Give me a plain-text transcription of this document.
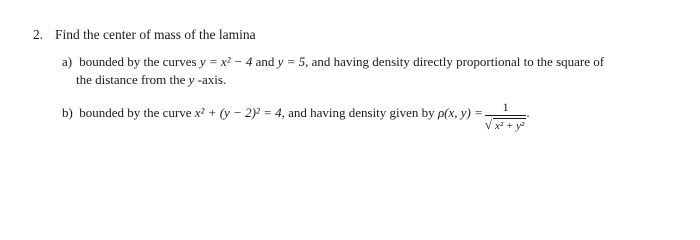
2. Find the center of mass of the lamina
a) bounded by the curves y = x² − 4 and y = 5, and having density directly proportional to the square of
the distance from the y -axis.
b) bounded by the curve x² + (y − 2)² = 4, and having density given by ρ(x, $y) = \frac{1}{\text{√ x² + y²}}$ .
